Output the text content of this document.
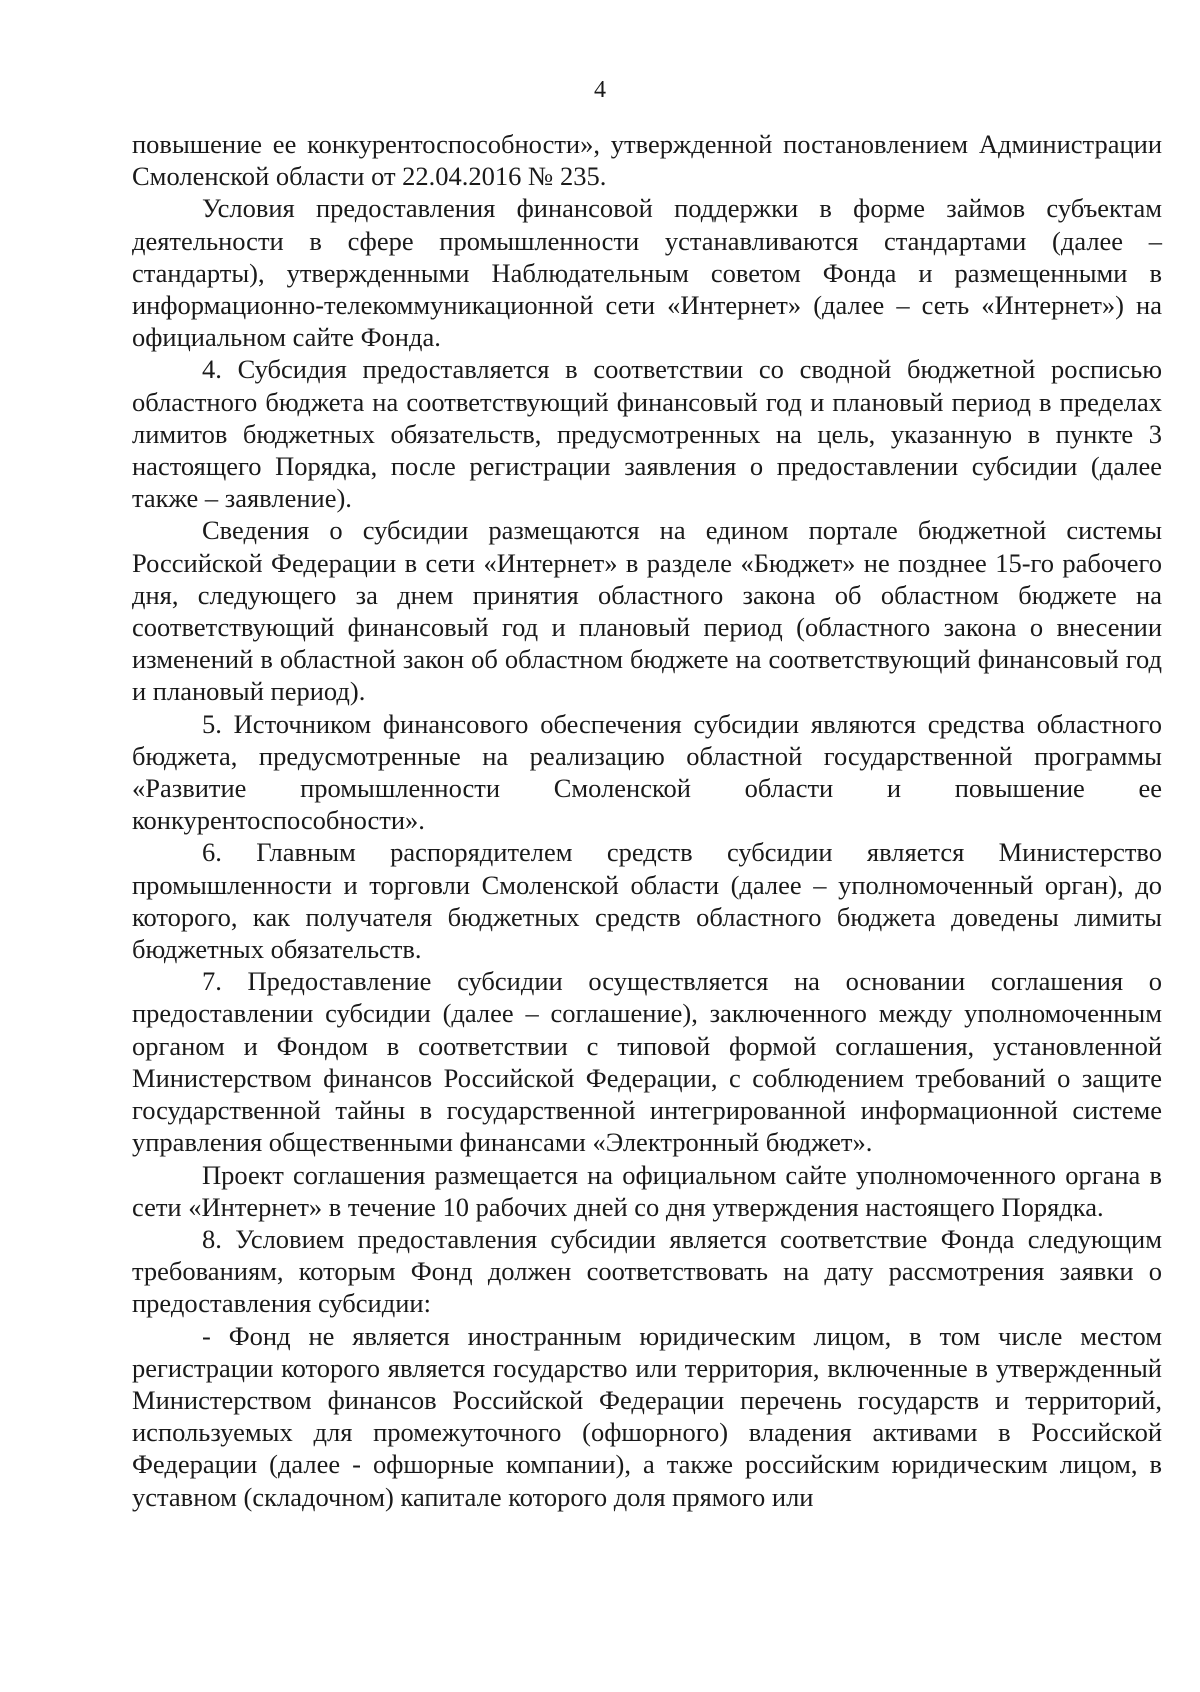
4

повышение ее конкурентоспособности», утвержденной постановлением Администрации Смоленской области от 22.04.2016 № 235.

Условия предоставления финансовой поддержки в форме займов субъектам деятельности в сфере промышленности устанавливаются стандартами (далее – стандарты), утвержденными Наблюдательным советом Фонда и размещенными в информационно-телекоммуникационной сети «Интернет» (далее – сеть «Интернет») на официальном сайте Фонда.

4. Субсидия предоставляется в соответствии со сводной бюджетной росписью областного бюджета на соответствующий финансовый год и плановый период в пределах лимитов бюджетных обязательств, предусмотренных на цель, указанную в пункте 3 настоящего Порядка, после регистрации заявления о предоставлении субсидии (далее также – заявление).

Сведения о субсидии размещаются на едином портале бюджетной системы Российской Федерации в сети «Интернет» в разделе «Бюджет» не позднее 15-го рабочего дня, следующего за днем принятия областного закона об областном бюджете на соответствующий финансовый год и плановый период (областного закона о внесении изменений в областной закон об областном бюджете на соответствующий финансовый год и плановый период).

5. Источником финансового обеспечения субсидии являются средства областного бюджета, предусмотренные на реализацию областной государственной программы «Развитие промышленности Смоленской области и повышение ее конкурентоспособности».

6. Главным распорядителем средств субсидии является Министерство промышленности и торговли Смоленской области (далее – уполномоченный орган), до которого, как получателя бюджетных средств областного бюджета доведены лимиты бюджетных обязательств.

7. Предоставление субсидии осуществляется на основании соглашения о предоставлении субсидии (далее – соглашение), заключенного между уполномоченным органом и Фондом в соответствии с типовой формой соглашения, установленной Министерством финансов Российской Федерации, с соблюдением требований о защите государственной тайны в государственной интегрированной информационной системе управления общественными финансами «Электронный бюджет».

Проект соглашения размещается на официальном сайте уполномоченного органа в сети «Интернет» в течение 10 рабочих дней со дня утверждения настоящего Порядка.

8. Условием предоставления субсидии является соответствие Фонда следующим требованиям, которым Фонд должен соответствовать на дату рассмотрения заявки о предоставления субсидии:

- Фонд не является иностранным юридическим лицом, в том числе местом регистрации которого является государство или территория, включенные в утвержденный Министерством финансов Российской Федерации перечень государств и территорий, используемых для промежуточного (офшорного) владения активами в Российской Федерации (далее - офшорные компании), а также российским юридическим лицом, в уставном (складочном) капитале которого доля прямого или
